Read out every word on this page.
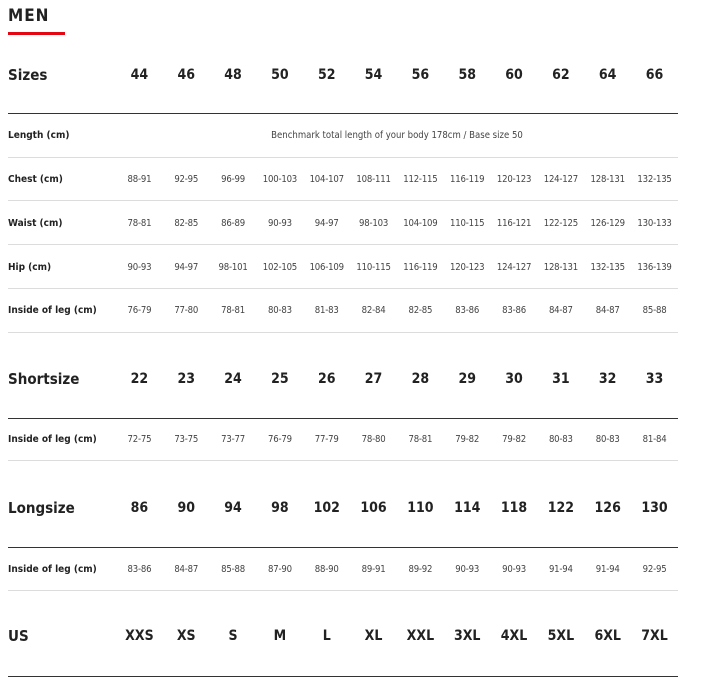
MEN
Sizes	44	46	48	50	52	54	56	58	60	62	64	66
Length (cm)	Benchmark total length of your body 178cm / Base size 50
Chest (cm)	88-91	92-95	96-99	100-103	104-107	108-111	112-115	116-119	120-123	124-127	128-131	132-135
Waist (cm)	78-81	82-85	86-89	90-93	94-97	98-103	104-109	110-115	116-121	122-125	126-129	130-133
Hip (cm)	90-93	94-97	98-101	102-105	106-109	110-115	116-119	120-123	124-127	128-131	132-135	136-139
Inside of leg (cm)	76-79	77-80	78-81	80-83	81-83	82-84	82-85	83-86	83-86	84-87	84-87	85-88
Shortsize	22	23	24	25	26	27	28	29	30	31	32	33
Inside of leg (cm)	72-75	73-75	73-77	76-79	77-79	78-80	78-81	79-82	79-82	80-83	80-83	81-84
Longsize	86	90	94	98	102	106	110	114	118	122	126	130
Inside of leg (cm)	83-86	84-87	85-88	87-90	88-90	89-91	89-92	90-93	90-93	91-94	91-94	92-95
US	XXS	XS	S	M	L	XL	XXL	3XL	4XL	5XL	6XL	7XL
